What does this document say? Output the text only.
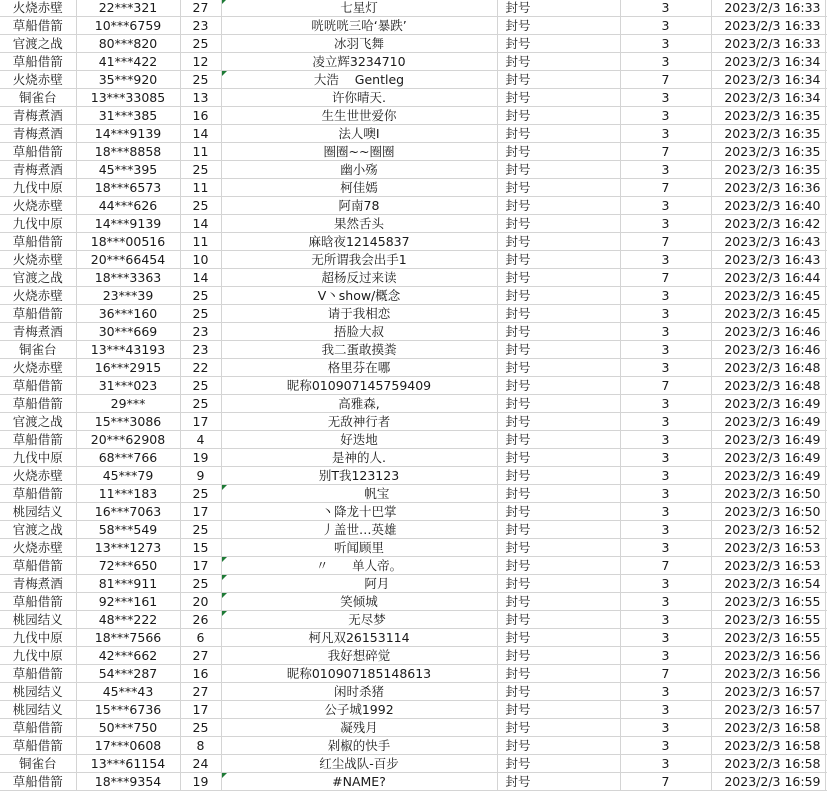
火烧赤壁	22***321	27	七星灯	封号	3	2023/2/3 16:33	
草船借箭	10***6759	23	咣咣咣三哈‘暴跌’	封号	3	2023/2/3 16:33	
官渡之战	80***820	25	冰羽飞舞	封号	3	2023/2/3 16:33	
草船借箭	41***422	12	凌立辉3234710	封号	3	2023/2/3 16:34	
火烧赤壁	35***920	25	大浩    Gentleg	封号	7	2023/2/3 16:34	
铜雀台	13***33085	13	许你晴天.	封号	3	2023/2/3 16:34	
青梅煮酒	31***385	16	生生世世爱你	封号	3	2023/2/3 16:35	
青梅煮酒	14***9139	14	法人噢I	封号	3	2023/2/3 16:35	
草船借箭	18***8858	11	圈圈~~圈圈	封号	7	2023/2/3 16:35	
青梅煮酒	45***395	25	幽小殇	封号	3	2023/2/3 16:35	
九伐中原	18***6573	11	柯佳嫣	封号	7	2023/2/3 16:36	
火烧赤壁	44***626	25	阿南78	封号	3	2023/2/3 16:40	
九伐中原	14***9139	14	果然舌头	封号	3	2023/2/3 16:42	
草船借箭	18***00516	11	麻晗夜12145837	封号	7	2023/2/3 16:43	
火烧赤壁	20***66454	10	无所谓我会出手1	封号	3	2023/2/3 16:43	
官渡之战	18***3363	14	超杨反过来读	封号	7	2023/2/3 16:44	
火烧赤壁	23***39	25	V丶show/概念	封号	3	2023/2/3 16:45	
草船借箭	36***160	25	请于我相恋	封号	3	2023/2/3 16:45	
青梅煮酒	30***669	23	捂脸大叔	封号	3	2023/2/3 16:46	
铜雀台	13***43193	23	我二蛋敢摸粪	封号	3	2023/2/3 16:46	
火烧赤壁	16***2915	22	格里芬在哪	封号	3	2023/2/3 16:48	
草船借箭	31***023	25	昵称010907145759409	封号	7	2023/2/3 16:48	
草船借箭	29***	25	高雅森,	封号	3	2023/2/3 16:49	
官渡之战	15***3086	17	无敌神行者	封号	3	2023/2/3 16:49	
草船借箭	20***62908	4	好迭地	封号	3	2023/2/3 16:49	
九伐中原	68***766	19	是神的人.	封号	3	2023/2/3 16:49	
火烧赤壁	45***79	9	别T我123123	封号	3	2023/2/3 16:49	
草船借箭	11***183	25	帆宝	封号	3	2023/2/3 16:50	
桃园结义	16***7063	17	丶降龙十巴掌	封号	3	2023/2/3 16:50	
官渡之战	58***549	25	丿盖世…英雄	封号	3	2023/2/3 16:52	
火烧赤壁	13***1273	15	听闻顾里	封号	3	2023/2/3 16:53	
草船借箭	72***650	17	〃      单人帝。	封号	7	2023/2/3 16:53	
青梅煮酒	81***911	25	阿月	封号	3	2023/2/3 16:54	
草船借箭	92***161	20	笑倾城	封号	3	2023/2/3 16:55	
桃园结义	48***222	26	无尽梦	封号	3	2023/2/3 16:55	
九伐中原	18***7566	6	柯凡双26153114	封号	3	2023/2/3 16:55	
九伐中原	42***662	27	我好想碎觉	封号	3	2023/2/3 16:56	
草船借箭	54***287	16	昵称010907185148613	封号	7	2023/2/3 16:56	
桃园结义	45***43	27	闲时杀猪	封号	3	2023/2/3 16:57	
桃园结义	15***6736	17	公子城1992	封号	3	2023/2/3 16:57	
草船借箭	50***750	25	凝残月	封号	3	2023/2/3 16:58	
草船借箭	17***0608	8	剁椒的快手	封号	3	2023/2/3 16:58	
铜雀台	13***61154	24	红尘战队-百步	封号	3	2023/2/3 16:58	
草船借箭	18***9354	19	#NAME?	封号	7	2023/2/3 16:59	
